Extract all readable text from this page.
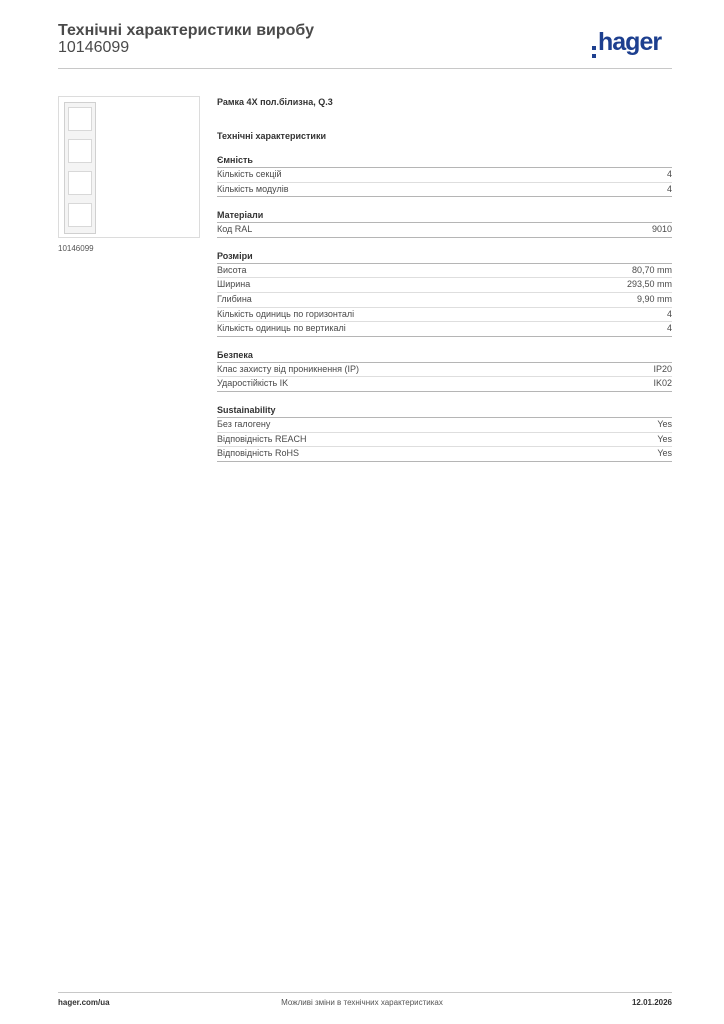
Технічні характеристики виробу
10146099	hager
10146099
Рамка 4Х пол.білизна, Q.3
Технічні характеристики
Ємність
Кількість секцій	4
Кількість модулів	4
Матеріали
Код RAL	9010
Розміри
Висота	80,70 mm
Ширина	293,50 mm
Глибина	9,90 mm
Кількість одиниць по горизонталі	4
Кількість одиниць по вертикалі	4
Безпека
Клас захисту від проникнення (IP)	IP20
Ударостійкість IK	IK02
Sustainability
Без галогену	Yes
Відповідність REACH	Yes
Відповідність RoHS	Yes
hager.com/ua	Можливі зміни в технічних характеристиках	12.01.2026
